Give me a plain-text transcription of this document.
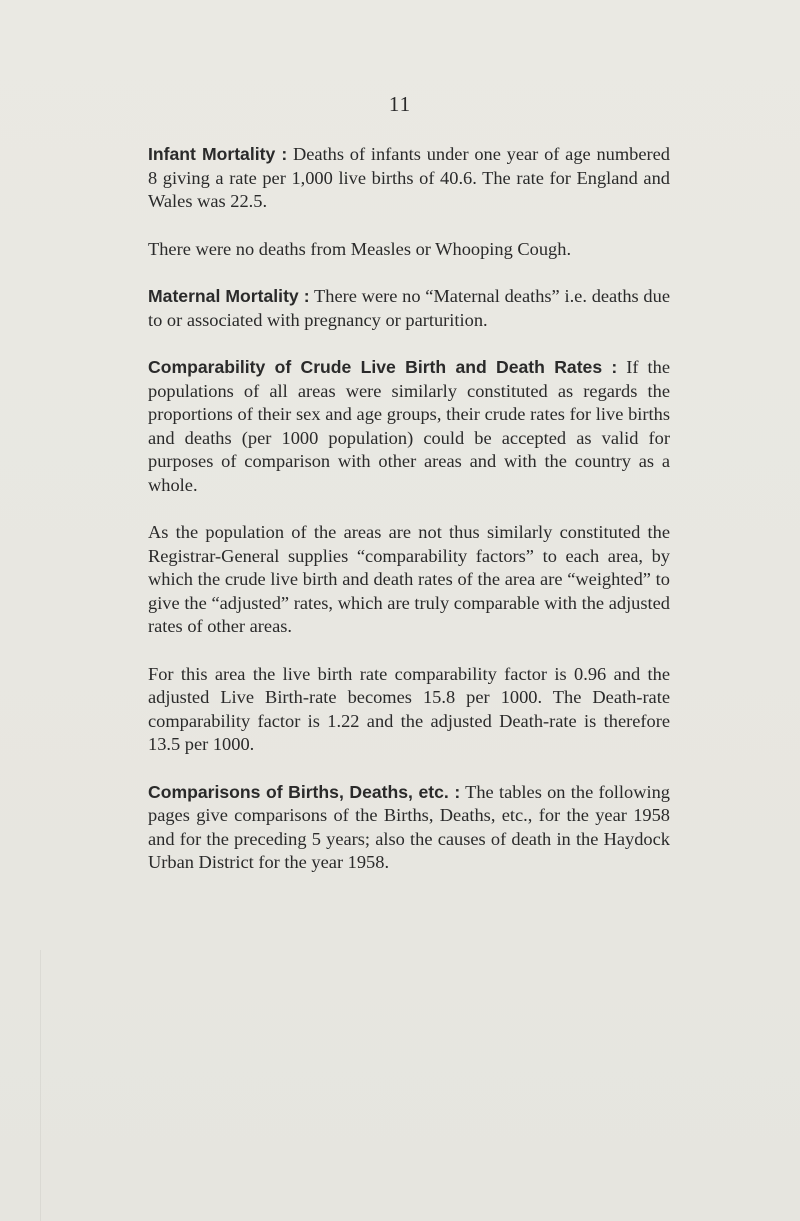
11

Infant Mortality : Deaths of infants under one year of age numbered 8 giving a rate per 1,000 live births of 40.6. The rate for England and Wales was 22.5.

There were no deaths from Measles or Whooping Cough.

Maternal Mortality : There were no “Maternal deaths” i.e. deaths due to or associated with pregnancy or parturition.

Comparability of Crude Live Birth and Death Rates : If the populations of all areas were similarly constituted as regards the proportions of their sex and age groups, their crude rates for live births and deaths (per 1000 population) could be accepted as valid for purposes of comparison with other areas and with the country as a whole.

As the population of the areas are not thus similarly constituted the Registrar-General supplies “comparability factors” to each area, by which the crude live birth and death rates of the area are “weighted” to give the “adjusted” rates, which are truly comparable with the adjusted rates of other areas.

For this area the live birth rate comparability factor is 0.96 and the adjusted Live Birth-rate becomes 15.8 per 1000. The Death-rate comparability factor is 1.22 and the adjusted Death-rate is therefore 13.5 per 1000.

Comparisons of Births, Deaths, etc. : The tables on the following pages give comparisons of the Births, Deaths, etc., for the year 1958 and for the preceding 5 years; also the causes of death in the Haydock Urban District for the year 1958.
